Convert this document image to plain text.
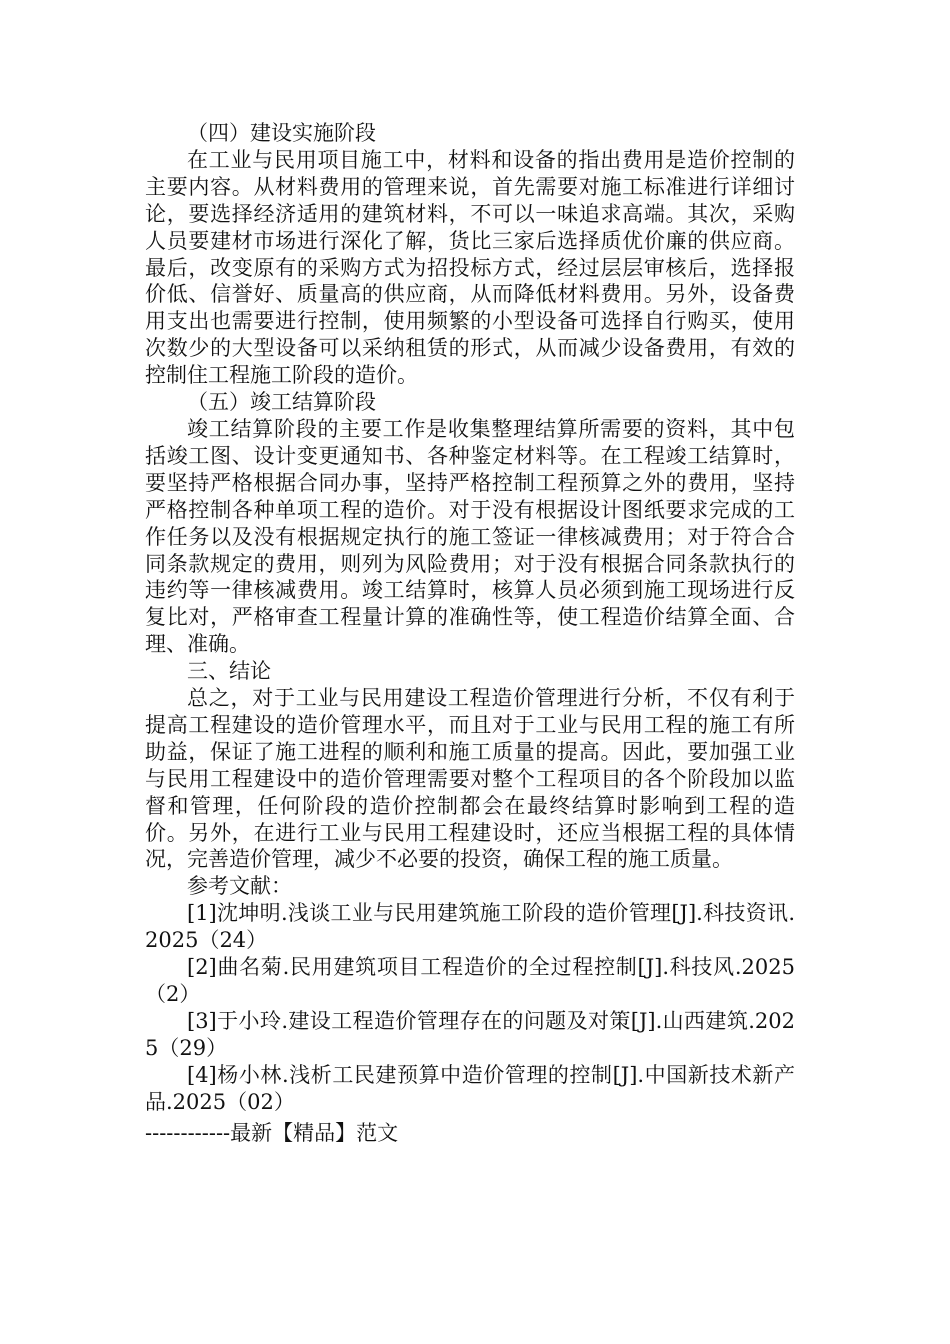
（四）建设实施阶段

在工业与民用项目施工中，材料和设备的指出费用是造价控制的主要内容。从材料费用的管理来说，首先需要对施工标准进行详细讨论，要选择经济适用的建筑材料，不可以一味追求高端。其次，采购人员要建材市场进行深化了解，货比三家后选择质优价廉的供应商。最后，改变原有的采购方式为招投标方式，经过层层审核后，选择报价低、信誉好、质量高的供应商，从而降低材料费用。另外，设备费用支出也需要进行控制，使用频繁的小型设备可选择自行购买，使用次数少的大型设备可以采纳租赁的形式，从而减少设备费用，有效的控制住工程施工阶段的造价。

（五）竣工结算阶段

竣工结算阶段的主要工作是收集整理结算所需要的资料，其中包括竣工图、设计变更通知书、各种鉴定材料等。在工程竣工结算时，要坚持严格根据合同办事，坚持严格控制工程预算之外的费用，坚持严格控制各种单项工程的造价。对于没有根据设计图纸要求完成的工作任务以及没有根据规定执行的施工签证一律核减费用；对于符合合同条款规定的费用，则列为风险费用；对于没有根据合同条款执行的违约等一律核减费用。竣工结算时，核算人员必须到施工现场进行反复比对，严格审查工程量计算的准确性等，使工程造价结算全面、合理、准确。

三、结论

总之，对于工业与民用建设工程造价管理进行分析，不仅有利于提高工程建设的造价管理水平，而且对于工业与民用工程的施工有所助益，保证了施工进程的顺利和施工质量的提高。因此，要加强工业与民用工程建设中的造价管理需要对整个工程项目的各个阶段加以监督和管理，任何阶段的造价控制都会在最终结算时影响到工程的造价。另外，在进行工业与民用工程建设时，还应当根据工程的具体情况，完善造价管理，减少不必要的投资，确保工程的施工质量。

参考文献：

[1]沈坤明.浅谈工业与民用建筑施工阶段的造价管理[J].科技资讯.2025（24）

[2]曲名菊.民用建筑项目工程造价的全过程控制[J].科技风.2025（2）

[3]于小玲.建设工程造价管理存在的问题及对策[J].山西建筑.2025（29）

[4]杨小林.浅析工民建预算中造价管理的控制[J].中国新技术新产品.2025（02）

------------最新【精品】范文
